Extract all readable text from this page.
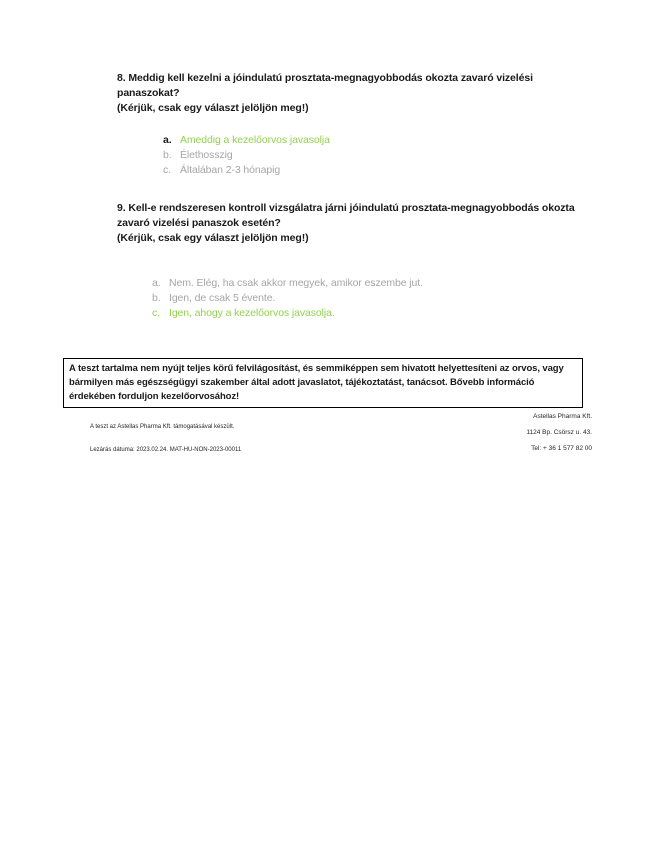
8. Meddig kell kezelni a jóindulatú prosztata-megnagyobbodás okozta zavaró vizelési
panaszokat?
(Kérjük, csak egy választ jelöljön meg!)
a. Ameddig a kezelőorvos javasolja
b. Élethosszig
c. Általában 2-3 hónapig
9. Kell-e rendszeresen kontroll vizsgálatra járni jóindulatú prosztata-megnagyobbodás okozta
zavaró vizelési panaszok esetén?
(Kérjük, csak egy választ jelöljön meg!)
a. Nem. Elég, ha csak akkor megyek, amikor eszembe jut.
b. Igen, de csak 5 évente.
c. Igen, ahogy a kezelőorvos javasolja.

A teszt tartalma nem nyújt teljes körű felvilágosítást, és semmiképpen sem hivatott helyettesíteni az orvos, vagy bármilyen más egészségügyi szakember által adott javaslatot, tájékoztatást, tanácsot. Bővebb információ érdekében forduljon kezelőorvosához!

A teszt az Astellas Pharma Kft. támogatásával készült.
Lezárás dátuma: 2023.02.24. MAT-HU-NON-2023-00011
Astellas Pharma Kft.
1124 Bp. Csörsz u. 43.
Tel: + 36 1 577 82 00
